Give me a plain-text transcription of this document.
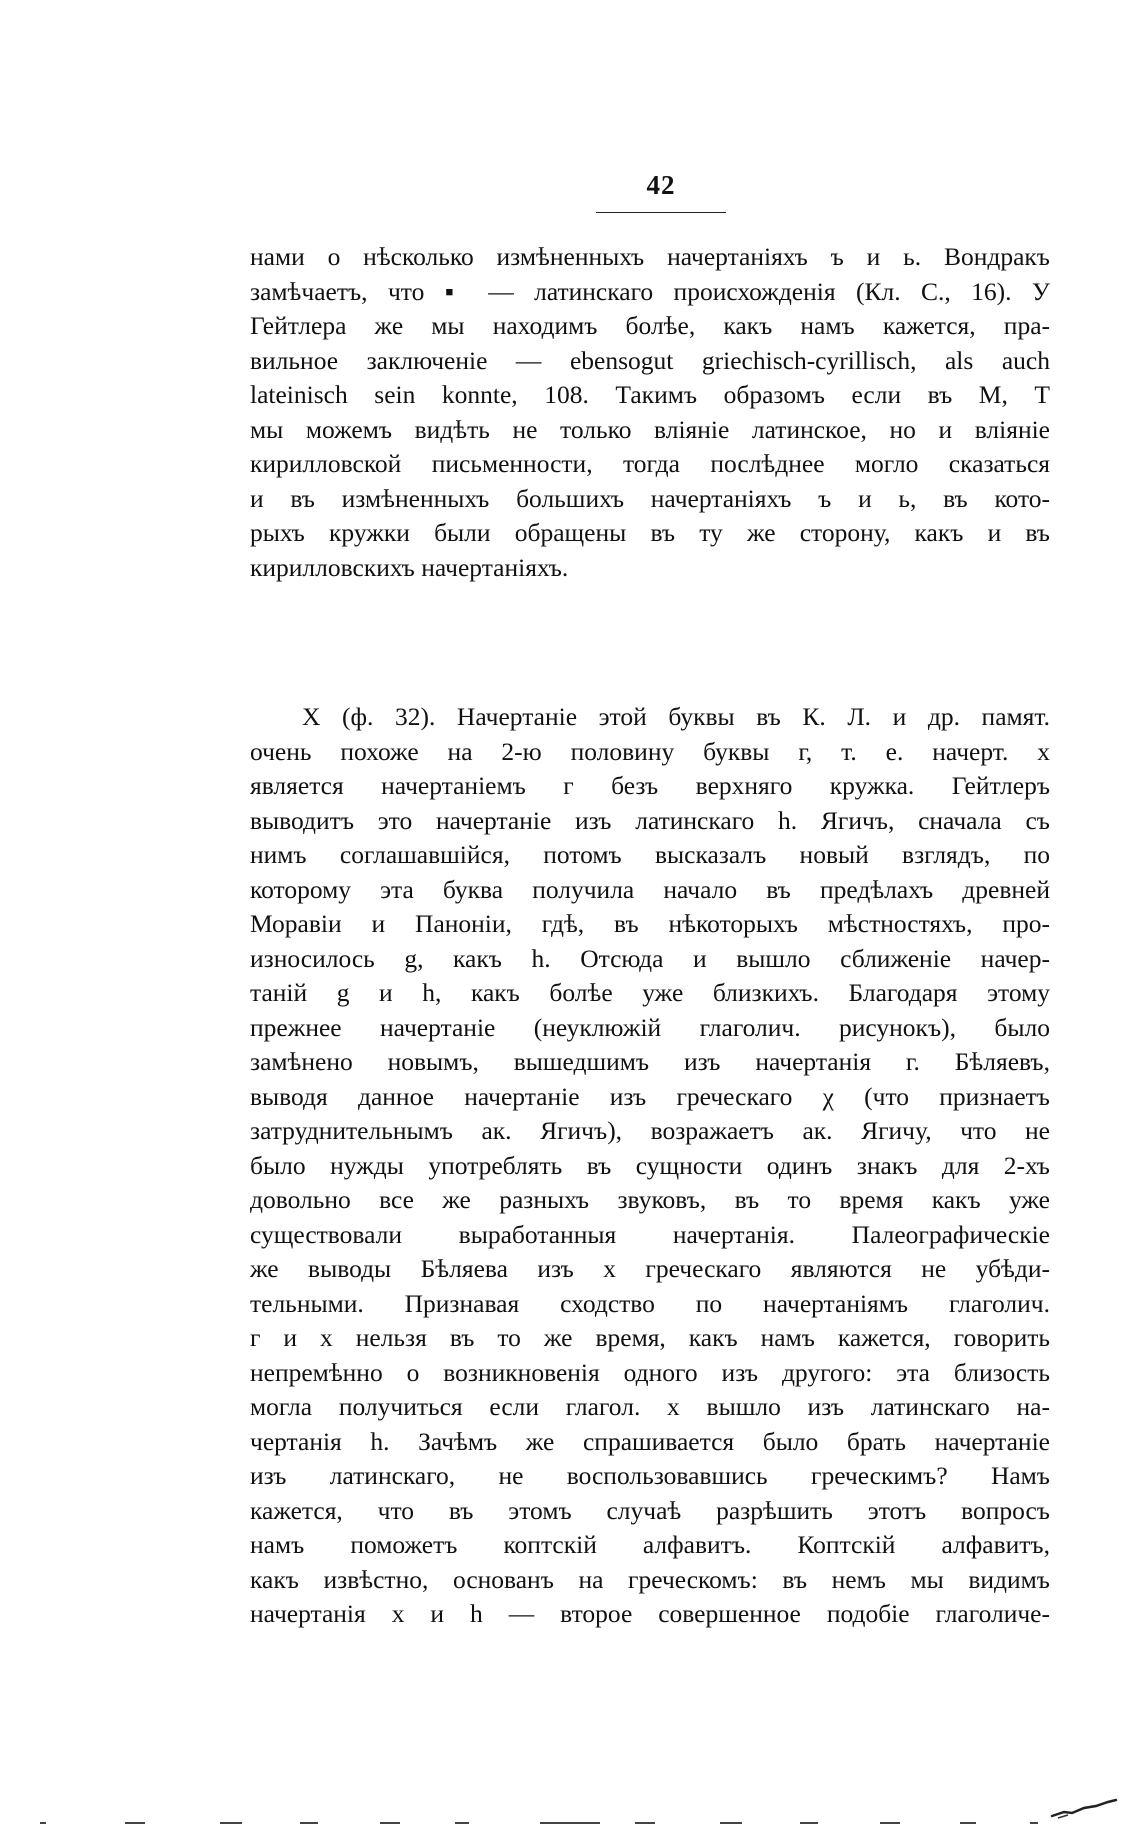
42
нами о нѣсколько измѣненныхъ начертаніяхъ ъ и ь. Вондракъ
замѣчаетъ, что ▪ — латинскаго происхожденія (Кл. С., 16). У
Гейтлера же мы находимъ болѣе, какъ намъ кажется, пра-
вильное заключеніе — ebensogut griechisch-cyrillisch, als auch
lateinisch sein konnte, 108. Такимъ образомъ если въ М, Т
мы можемъ видѣть не только вліяніе латинское, но и вліяніе
кирилловской письменности, тогда послѣднее могло сказаться
и въ измѣненныхъ большихъ начертаніяхъ ъ и ь, въ кото-
рыхъ кружки были обращены въ ту же сторону, какъ и въ
кирилловскихъ начертаніяхъ.
Х (ф. 32). Начертаніе этой буквы въ К. Л. и др. памят.
очень похоже на 2-ю половину буквы г, т. е. начерт. х
является начертаніемъ г безъ верхняго кружка. Гейтлеръ
выводитъ это начертаніе изъ латинскаго h. Ягичъ, сначала съ
нимъ соглашавшійся, потомъ высказалъ новый взглядъ, по
которому эта буква получила начало въ предѣлахъ древней
Моравіи и Паноніи, гдѣ, въ нѣкоторыхъ мѣстностяхъ, про-
износилось g, какъ h. Отсюда и вышло сближеніе начер-
таній g и h, какъ болѣе уже близкихъ. Благодаря этому
прежнее начертаніе (неуклюжій глаголич. рисунокъ), было
замѣнено новымъ, вышедшимъ изъ начертанія г. Бѣляевъ,
выводя данное начертаніе изъ греческаго χ (что признаетъ
затруднительнымъ ак. Ягичъ), возражаетъ ак. Ягичу, что не
было нужды употреблять въ сущности одинъ знакъ для 2-хъ
довольно все же разныхъ звуковъ, въ то время какъ уже
существовали выработанныя начертанія. Палеографическіе
же выводы Бѣляева изъ х греческаго являются не убѣди-
тельными. Признавая сходство по начертаніямъ глаголич.
г и х нельзя въ то же время, какъ намъ кажется, говорить
непремѣнно о возникновенія одного изъ другого: эта близость
могла получиться если глагол. х вышло изъ латинскаго на-
чертанія h. Зачѣмъ же спрашивается было брать начертаніе
изъ латинскаго, не воспользовавшись греческимъ? Намъ
кажется, что въ этомъ случаѣ разрѣшить этотъ вопросъ
намъ поможетъ коптскій алфавитъ. Коптскій алфавитъ,
какъ извѣстно, основанъ на греческомъ: въ немъ мы видимъ
начертанія х и h — второе совершенное подобіе глаголиче-
